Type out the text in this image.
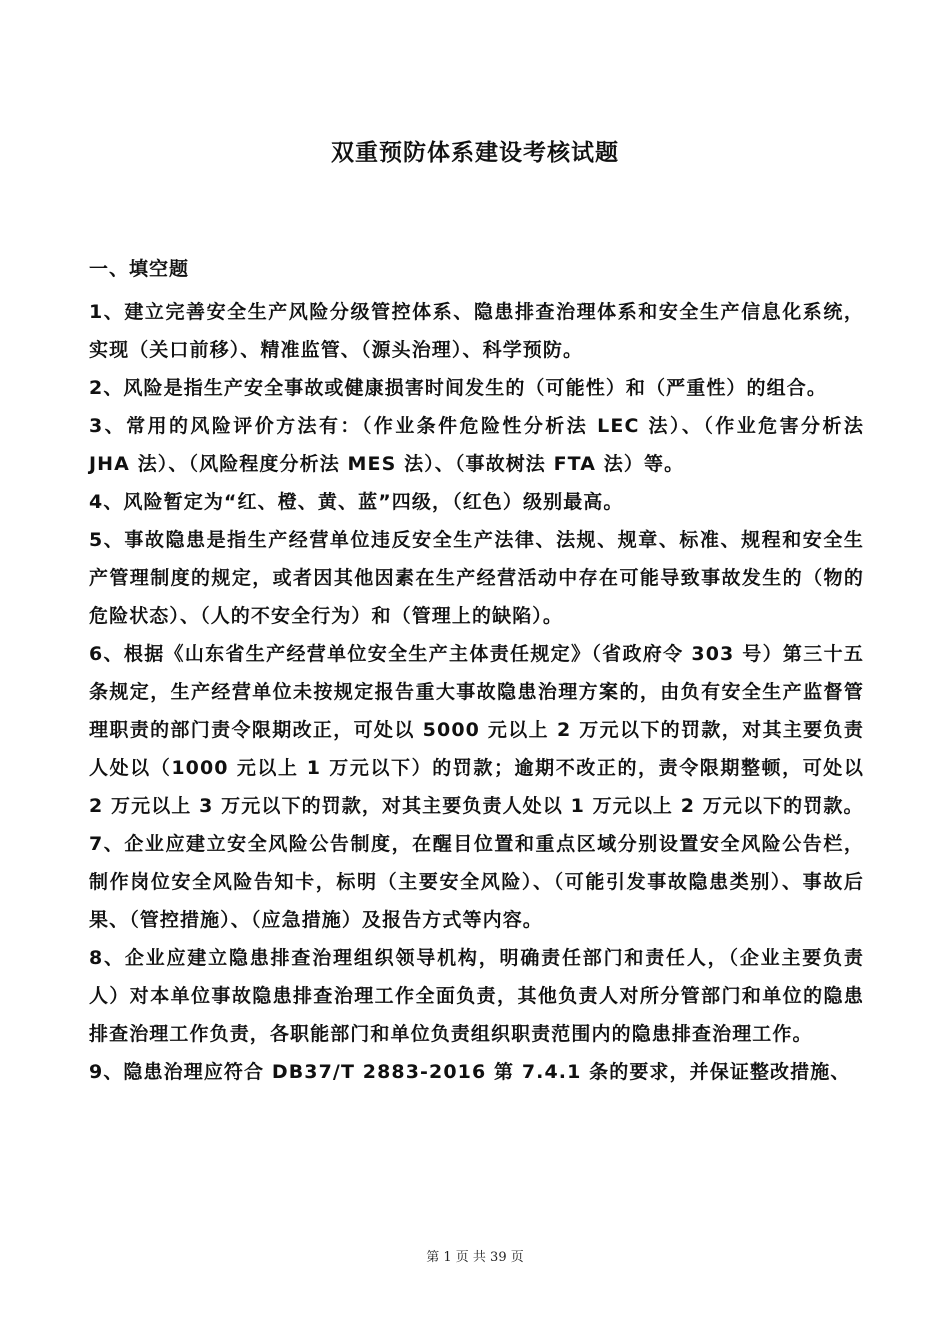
双重预防体系建设考核试题
一、填空题

1、建立完善安全生产风险分级管控体系、隐患排查治理体系和安全生产信息化系统，实现（关口前移）、精准监管、（源头治理）、科学预防。

2、风险是指生产安全事故或健康损害时间发生的（可能性）和（严重性）的组合。

3、常用的风险评价方法有：（作业条件危险性分析法 LEC 法）、（作业危害分析法 JHA 法）、（风险程度分析法 MES 法）、（事故树法 FTA 法）等。

4、风险暂定为“红、橙、黄、蓝”四级，（红色）级别最高。

5、事故隐患是指生产经营单位违反安全生产法律、法规、规章、标准、规程和安全生产管理制度的规定，或者因其他因素在生产经营活动中存在可能导致事故发生的（物的危险状态）、（人的不安全行为）和（管理上的缺陷）。

6、根据《山东省生产经营单位安全生产主体责任规定》（省政府令 303 号）第三十五条规定，生产经营单位未按规定报告重大事故隐患治理方案的，由负有安全生产监督管理职责的部门责令限期改正，可处以 5000 元以上 2 万元以下的罚款，对其主要负责人处以（1000 元以上 1 万元以下）的罚款；逾期不改正的，责令限期整顿，可处以 2 万元以上 3 万元以下的罚款，对其主要负责人处以 1 万元以上 2 万元以下的罚款。

7、企业应建立安全风险公告制度，在醒目位置和重点区域分别设置安全风险公告栏，制作岗位安全风险告知卡，标明（主要安全风险）、（可能引发事故隐患类别）、事故后果、（管控措施）、（应急措施）及报告方式等内容。

8、企业应建立隐患排查治理组织领导机构，明确责任部门和责任人，（企业主要负责人）对本单位事故隐患排查治理工作全面负责，其他负责人对所分管部门和单位的隐患排查治理工作负责，各职能部门和单位负责组织职责范围内的隐患排查治理工作。

9、隐患治理应符合 DB37/T 2883-2016 第 7.4.1 条的要求，并保证整改措施、

第 1 页 共 39 页
